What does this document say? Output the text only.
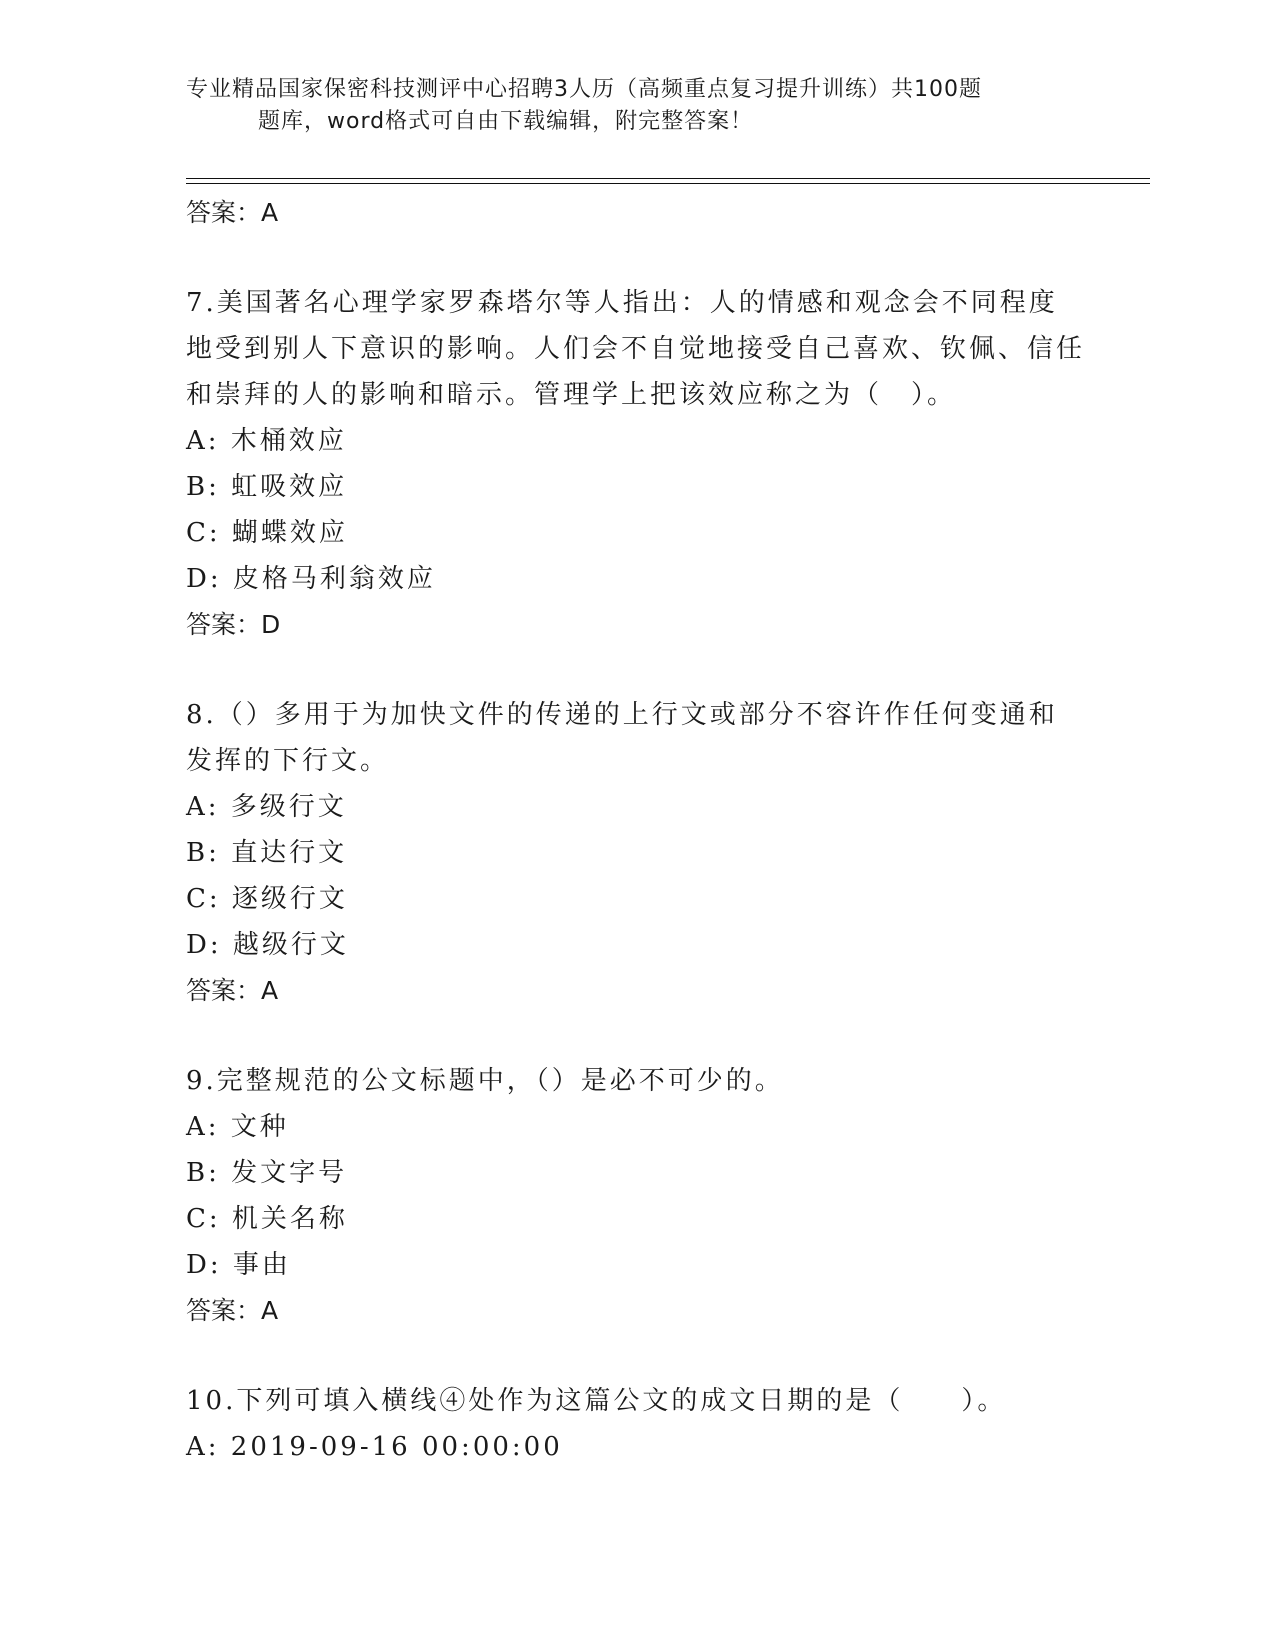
专业精品国家保密科技测评中心招聘3人历（高频重点复习提升训练）共100题
题库，word格式可自由下载编辑，附完整答案！
答案：A
7.美国著名心理学家罗森塔尔等人指出：人的情感和观念会不同程度地受到别人下意识的影响。人们会不自觉地接受自己喜欢、钦佩、信任和崇拜的人的影响和暗示。管理学上把该效应称之为（　）。
A: 木桶效应
B: 虹吸效应
C: 蝴蝶效应
D: 皮格马利翁效应
答案：D
8.（）多用于为加快文件的传递的上行文或部分不容许作任何变通和发挥的下行文。
A: 多级行文
B: 直达行文
C: 逐级行文
D: 越级行文
答案：A
9.完整规范的公文标题中，（）是必不可少的。
A: 文种
B: 发文字号
C: 机关名称
D: 事由
答案：A
10.下列可填入横线④处作为这篇公文的成文日期的是（　　）。
A: 2019-09-16 00:00:00
